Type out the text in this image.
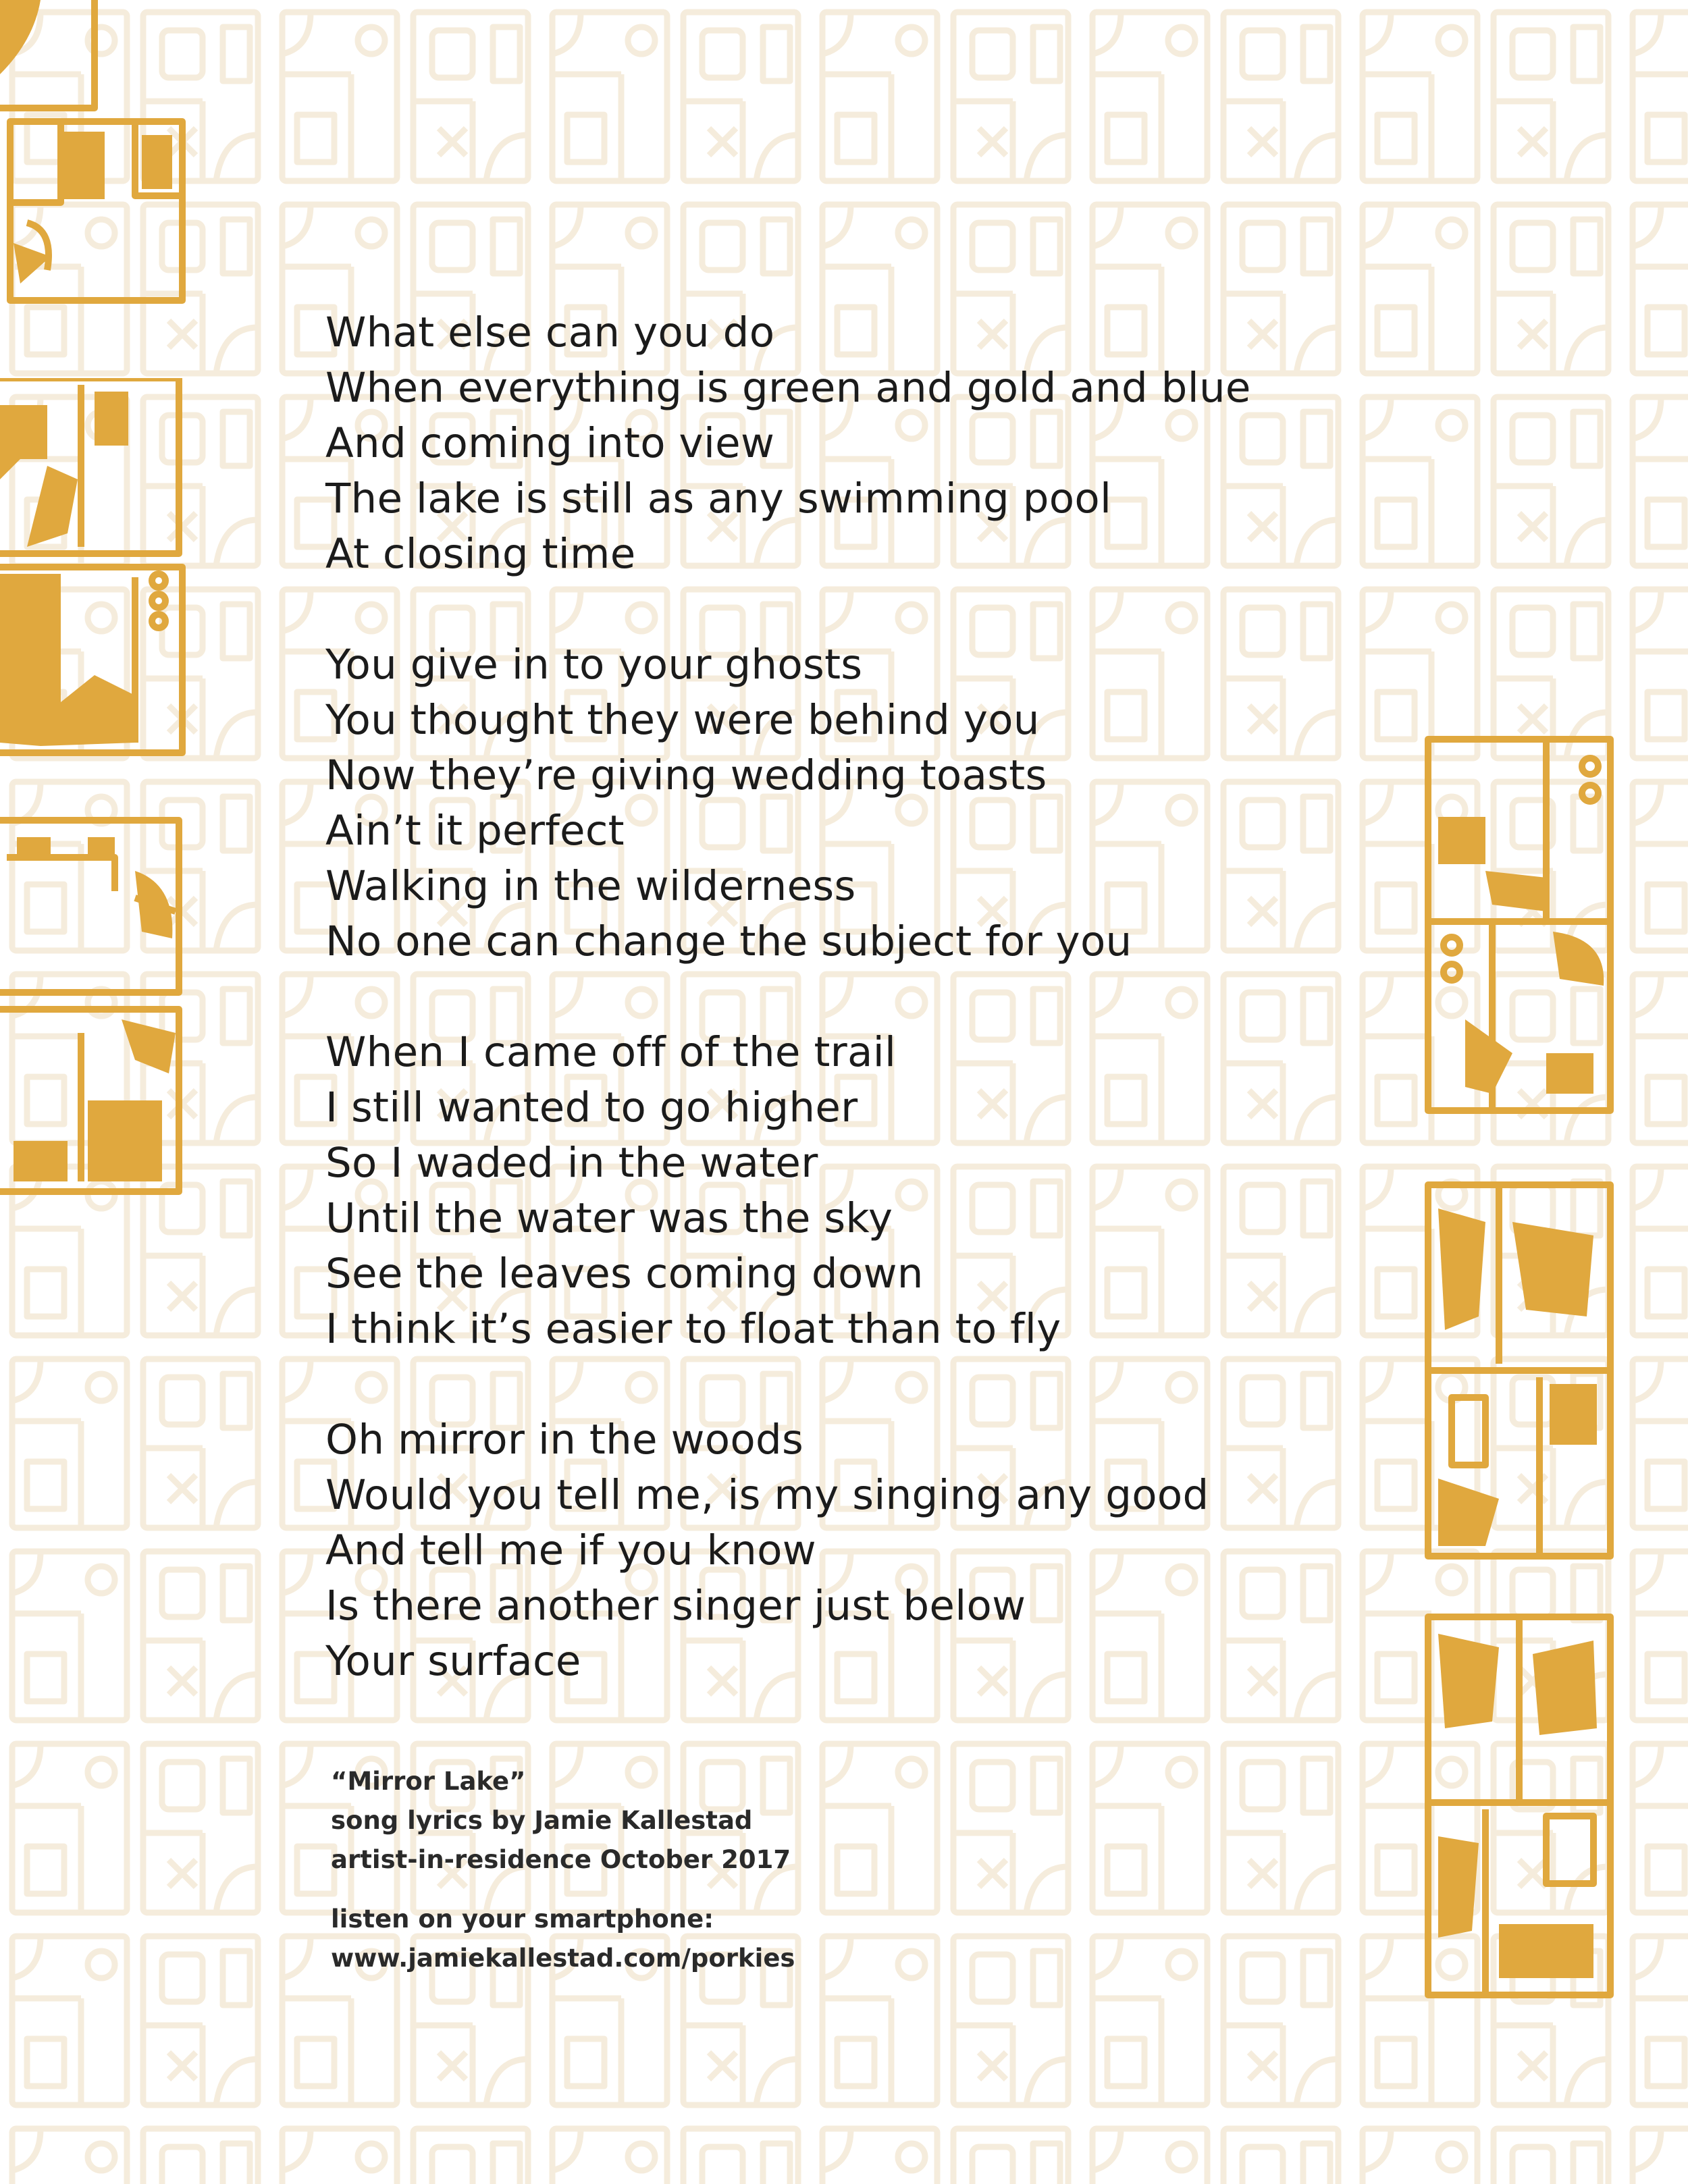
What else can you do
When everything is green and gold and blue
And coming into view
The lake is still as any swimming pool
At closing time
You give in to your ghosts
You thought they were behind you
Now they’re giving wedding toasts
Ain’t it perfect
Walking in the wilderness
No one can change the subject for you
When I came off of the trail
I still wanted to go higher
So I waded in the water
Until the water was the sky
See the leaves coming down
I think it’s easier to float than to fly
Oh mirror in the woods
Would you tell me, is my singing any good
And tell me if you know
Is there another singer just below
Your surface
“Mirror Lake”
song lyrics by Jamie Kallestad
artist-in-residence October 2017
listen on your smartphone:
www.jamiekallestad.com/porkies
